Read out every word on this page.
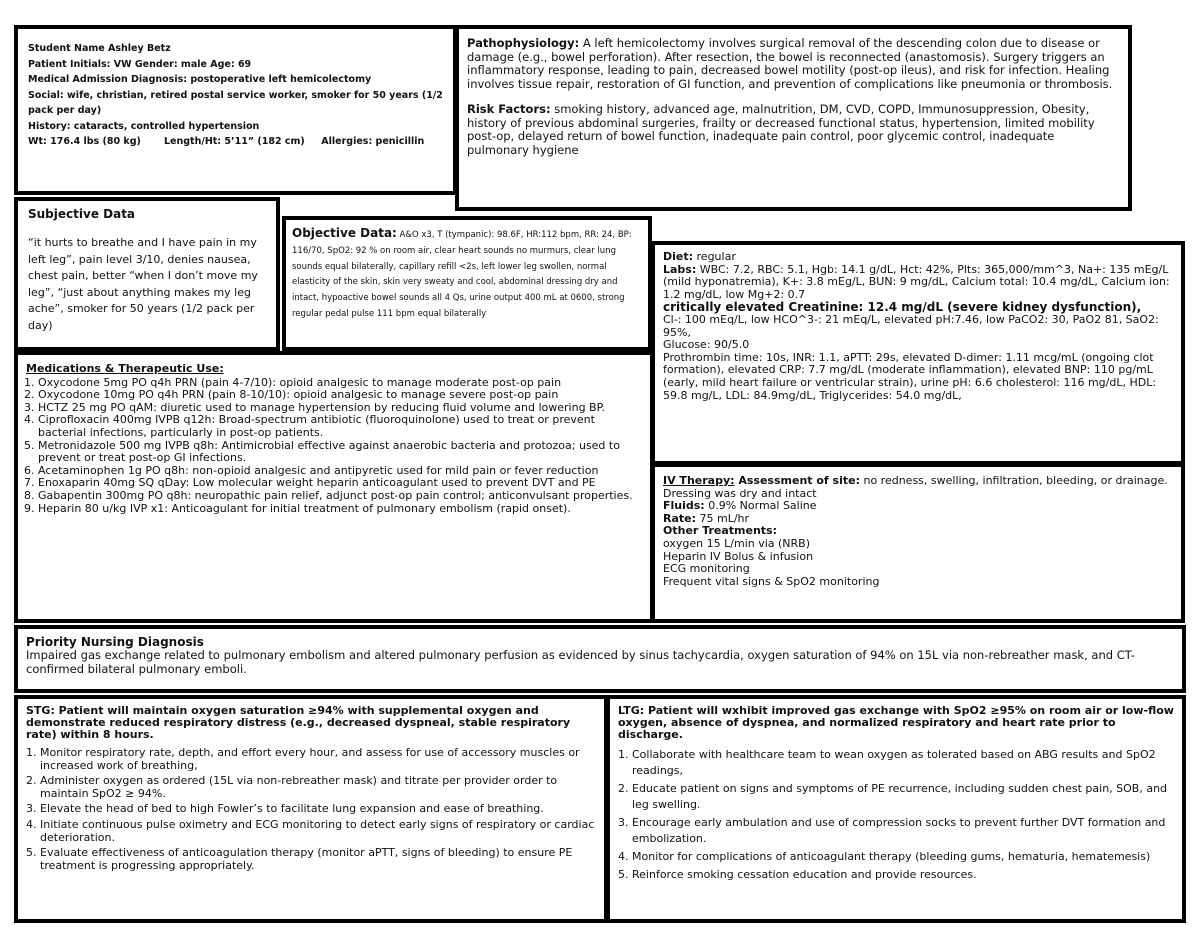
Student Name Ashley Betz
Patient Initials: VW Gender: male Age: 69
Medical Admission Diagnosis: postoperative left hemicolectomy
Social: wife, christian, retired postal service worker, smoker for 50 years (1/2 pack per day)
History: cataracts, controlled hypertension
Wt: 176.4 lbs (80 kg)       Length/Ht: 5’11” (182 cm)     Allergies: penicillin

Pathophysiology: A left hemicolectomy involves surgical removal of the descending colon due to disease or damage (e.g., bowel perforation). After resection, the bowel is reconnected (anastomosis). Surgery triggers an inflammatory response, leading to pain, decreased bowel motility (post-op ileus), and risk for infection. Healing involves tissue repair, restoration of GI function, and prevention of complications like pneumonia or thrombosis.

Risk Factors: smoking history, advanced age, malnutrition, DM, CVD, COPD, Immunosuppression, Obesity, history of previous abdominal surgeries, frailty or decreased functional status, hypertension, limited mobility post-op, delayed return of bowel function, inadequate pain control, poor glycemic control, inadequate pulmonary hygiene

Subjective Data
“it hurts to breathe and I have pain in my left leg”, pain level 3/10, denies nausea, chest pain, better “when I don’t move my leg”, “just about anything makes my leg ache”, smoker for 50 years (1/2 pack per day)
Objective Data: A&O x3, T (tympanic): 98.6F, HR:112 bpm, RR: 24, BP: 116/70, SpO2: 92 % on room air, clear heart sounds no murmurs, clear lung sounds equal bilaterally, capillary refill <2s, left lower leg swollen, normal elasticity of the skin, skin very sweaty and cool, abdominal dressing dry and intact, hypoactive bowel sounds all 4 Qs, urine output 400 mL at 0600, strong regular pedal pulse 111 bpm equal bilaterally
Diet: regular
Labs: WBC: 7.2, RBC: 5.1, Hgb: 14.1 g/dL, Hct: 42%, Plts: 365,000/mm^3, Na+: 135 mEg/L (mild hyponatremia), K+: 3.8 mEg/L, BUN: 9 mg/dL, Calcium total: 10.4 mg/dL, Calcium ion: 1.2 mg/dL, low Mg+2: 0.7
critically elevated Creatinine: 12.4 mg/dL (severe kidney dysfunction),
Cl-: 100 mEq/L, low HCO^3-: 21 mEq/L, elevated pH:7.46, low PaCO2: 30, PaO2 81, SaO2: 95%,
Glucose: 90/5.0
Prothrombin time: 10s, INR: 1.1, aPTT: 29s, elevated D-dimer: 1.11 mcg/mL (ongoing clot formation), elevated CRP: 7.7 mg/dL (moderate inflammation), elevated BNP: 110 pg/mL (early, mild heart failure or ventricular strain), urine pH: 6.6 cholesterol: 116 mg/dL, HDL: 59.8 mg/L, LDL: 84.9mg/dL, Triglycerides: 54.0 mg/dL,
Medications & Therapeutic Use:
1. Oxycodone 5mg PO q4h PRN (pain 4-7/10): opioid analgesic to manage moderate post-op pain
2. Oxycodone 10mg PO q4h PRN (pain 8-10/10): opioid analgesic to manage severe post-op pain
3. HCTZ 25 mg PO qAM: diuretic used to manage hypertension by reducing fluid volume and lowering BP.
4. Ciprofloxacin 400mg IVPB q12h: Broad-spectrum antibiotic (fluoroquinolone) used to treat or prevent bacterial infections, particularly in post-op patients.
5. Metronidazole 500 mg IVPB q8h: Antimicrobial effective against anaerobic bacteria and protozoa; used to prevent or treat post-op GI infections.
6. Acetaminophen 1g PO q8h: non-opioid analgesic and antipyretic used for mild pain or fever reduction
7. Enoxaparin 40mg SQ qDay: Low molecular weight heparin anticoagulant used to prevent DVT and PE
8. Gabapentin 300mg PO q8h: neuropathic pain relief, adjunct post-op pain control; anticonvulsant properties.
9. Heparin 80 u/kg IVP x1: Anticoagulant for initial treatment of pulmonary embolism (rapid onset).
IV Therapy: Assessment of site: no redness, swelling, infiltration, bleeding, or drainage. Dressing was dry and intact
Fluids: 0.9% Normal Saline
Rate: 75 mL/hr
Other Treatments:
oxygen 15 L/min via (NRB)
Heparin IV Bolus & infusion
ECG monitoring
Frequent vital signs & SpO2 monitoring
Priority Nursing Diagnosis
Impaired gas exchange related to pulmonary embolism and altered pulmonary perfusion as evidenced by sinus tachycardia, oxygen saturation of 94% on 15L via non-rebreather mask, and CT- confirmed bilateral pulmonary emboli.
STG: Patient will maintain oxygen saturation ≥94% with supplemental oxygen and demonstrate reduced respiratory distress (e.g., decreased dyspneal, stable respiratory rate) within 8 hours.
1. Monitor respiratory rate, depth, and effort every hour, and assess for use of accessory muscles or increased work of breathing,
2. Administer oxygen as ordered (15L via non-rebreather mask) and titrate per provider order to maintain SpO2 ≥ 94%.
3. Elevate the head of bed to high Fowler’s to facilitate lung expansion and ease of breathing.
4. Initiate continuous pulse oximetry and ECG monitoring to detect early signs of respiratory or cardiac deterioration.
5. Evaluate effectiveness of anticoagulation therapy (monitor aPTT, signs of bleeding) to ensure PE treatment is progressing appropriately.
LTG: Patient will wxhibit improved gas exchange with SpO2 ≥95% on room air or low-flow oxygen, absence of dyspnea, and normalized respiratory and heart rate prior to discharge.
1. Collaborate with healthcare team to wean oxygen as tolerated based on ABG results and SpO2 readings,
2. Educate patient on signs and symptoms of PE recurrence, including sudden chest pain, SOB, and leg swelling.
3. Encourage early ambulation and use of compression socks to prevent further DVT formation and embolization.
4. Monitor for complications of anticoagulant therapy (bleeding gums, hematuria, hematemesis)
5. Reinforce smoking cessation education and provide resources.
